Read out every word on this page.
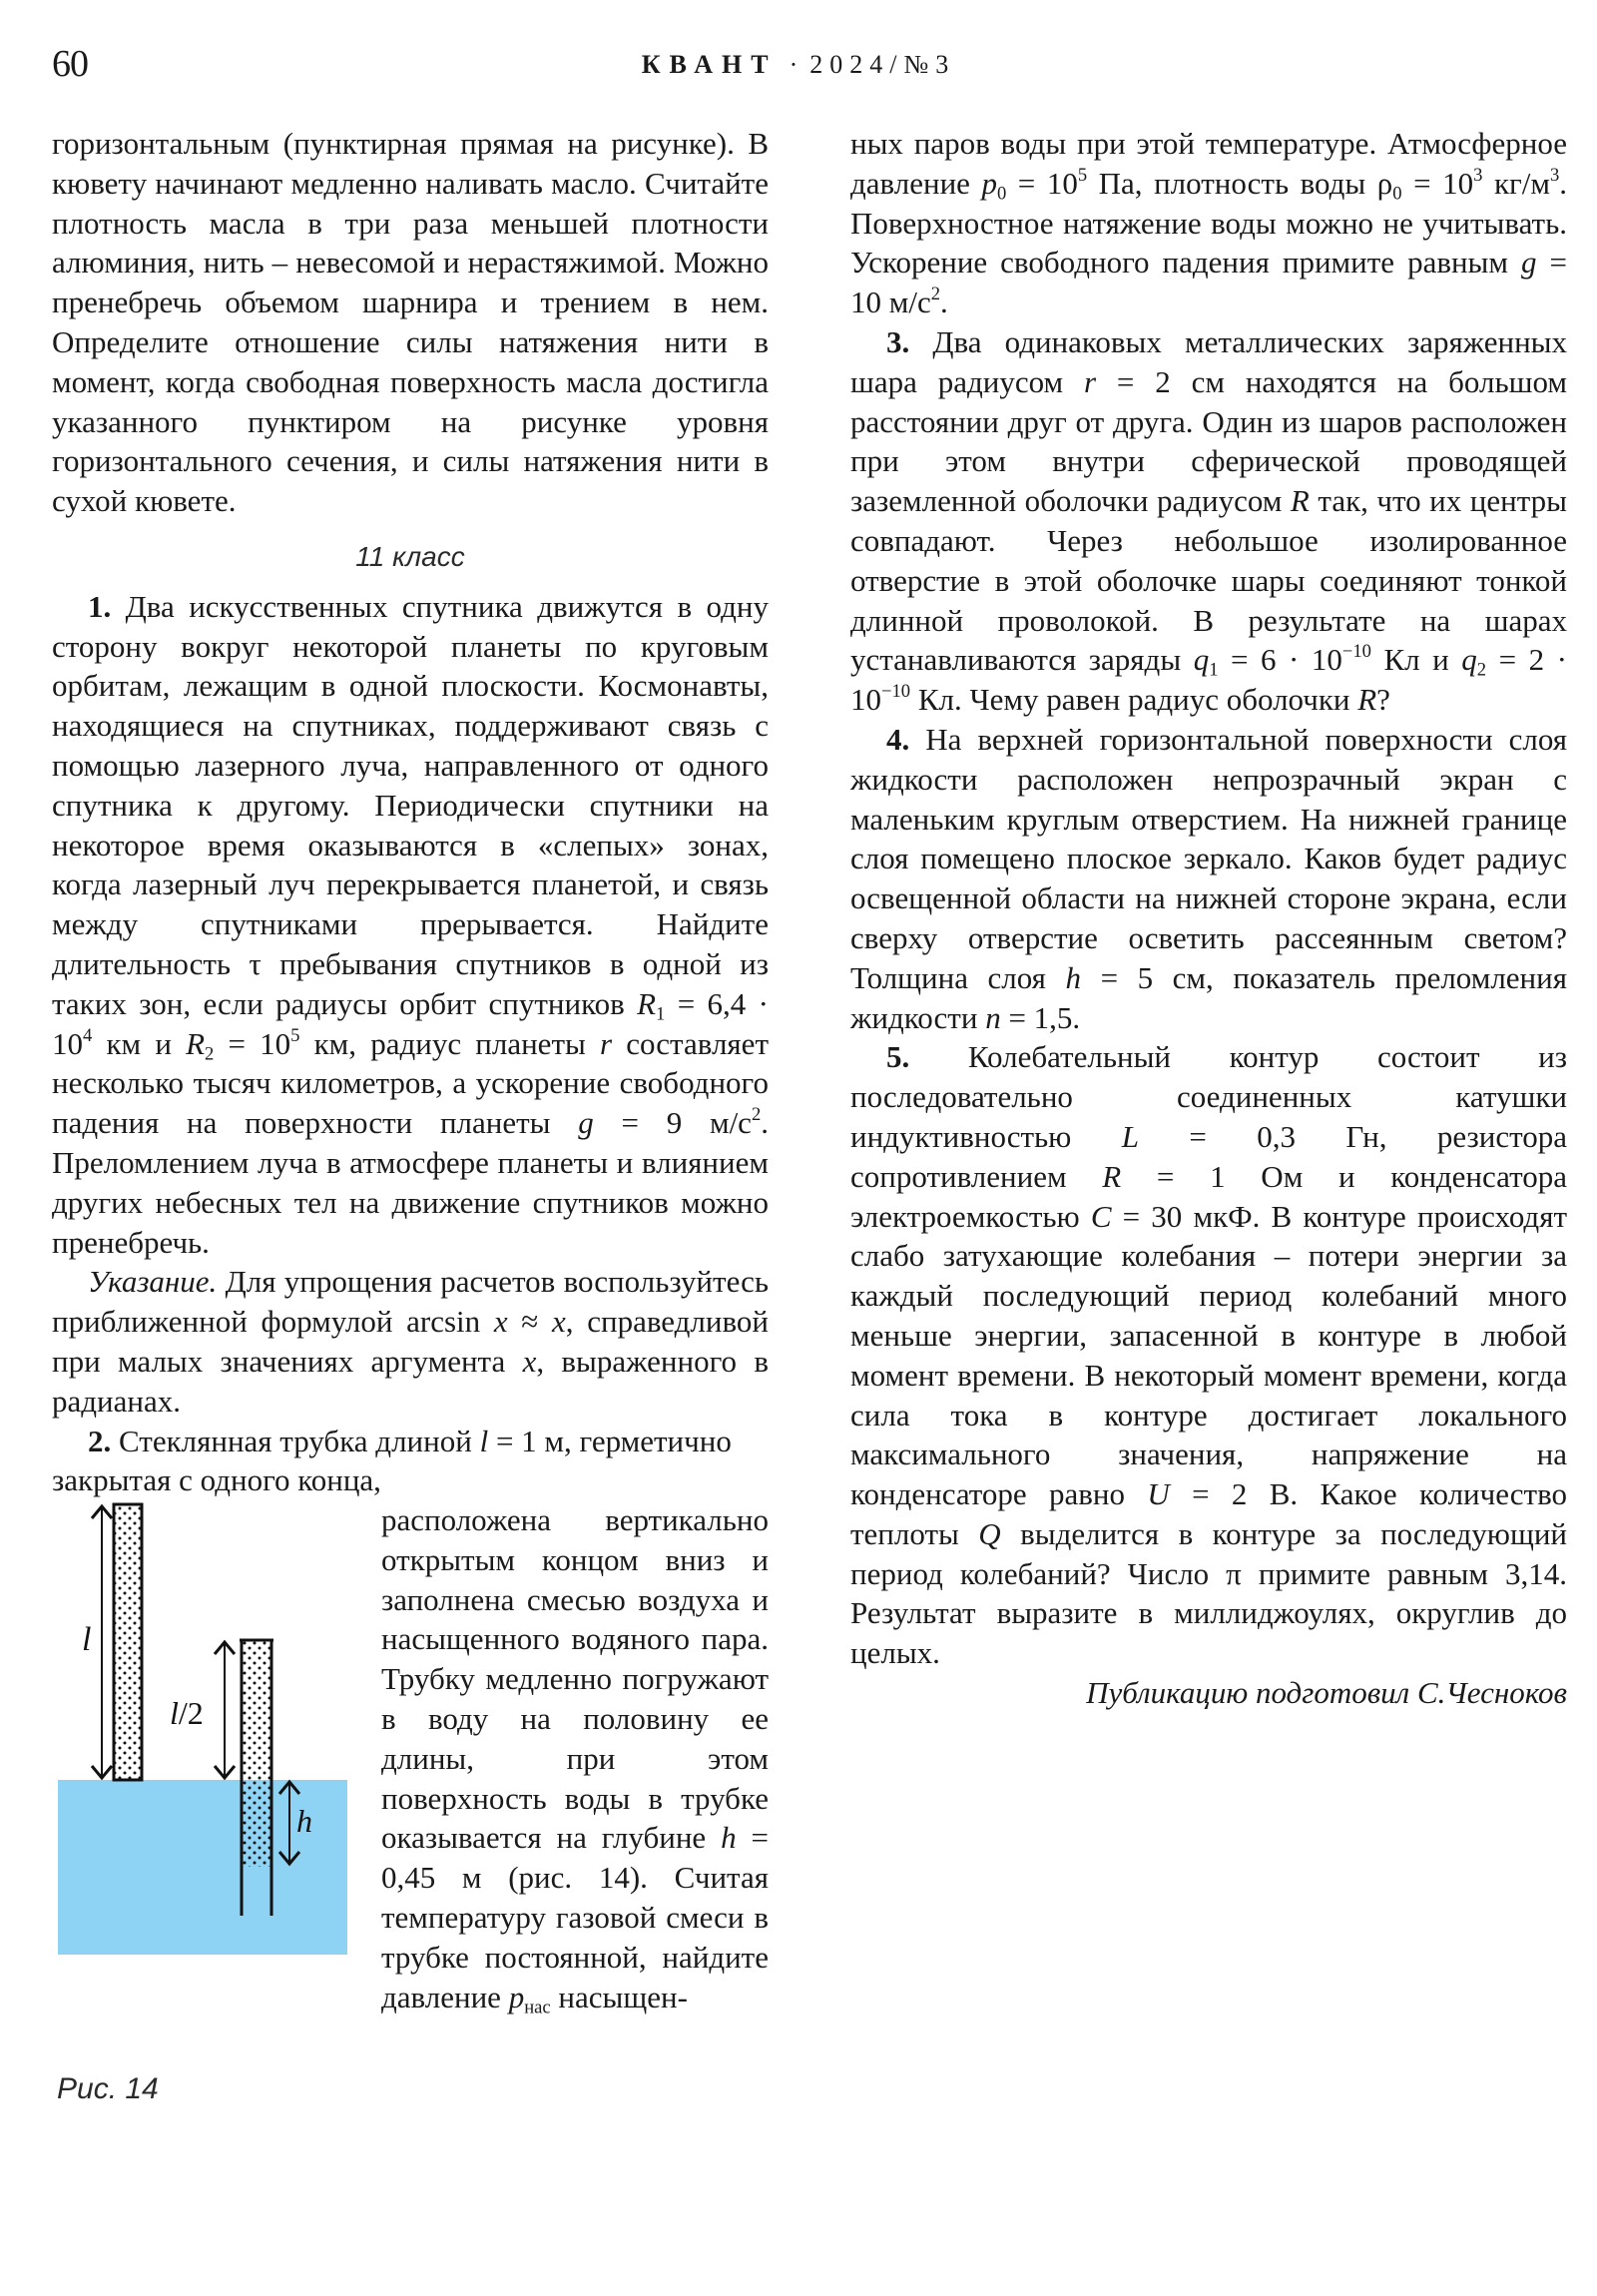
60	КВАНТ · 2024/№3

горизонтальным (пунктирная прямая на рисунке). В кювету начинают медленно наливать масло. Считайте плотность масла в три раза меньшей плотности алюминия, нить – невесомой и нерастяжимой. Можно пренебречь объемом шарнира и трением в нем. Определите отношение силы натяжения нити в момент, когда свободная поверхность масла достигла указанного пунктиром на рисунке уровня горизонтального сечения, и силы натяжения нити в сухой кювете.

11 класс

1. Два искусственных спутника движутся в одну сторону вокруг некоторой планеты по круговым орбитам, лежащим в одной плоскости. Космонавты, находящиеся на спутниках, поддерживают связь с помощью лазерного луча, направленного от одного спутника к другому. Периодически спутники на некоторое время оказываются в «слепых» зонах, когда лазерный луч перекрывается планетой, и связь между спутниками прерывается. Найдите длительность τ пребывания спутников в одной из таких зон, если радиусы орбит спутников $R_1 = 6,4 \cdot 10^4$ км и $R_2 = 10^5$ км, радиус планеты r составляет несколько тысяч километров, а ускорение свободного падения на поверхности планеты g = 9 $м/с^2$. Преломлением луча в атмосфере планеты и влиянием других небесных тел на движение спутников можно пренебречь.

Указание. Для упрощения расчетов воспользуйтесь приближенной формулой arcsin x ≈ x, справедливой при малых значениях аргумента x, выраженного в радианах.

2. Стеклянная трубка длиной l = 1 м, герметично закрытая с одного конца,

l
l/2
h
Рис. 14

расположена вертикально открытым концом вниз и заполнена смесью воздуха и насыщенного водяного пара. Трубку медленно погружают в воду на половину ее длины, при этом поверхность воды в трубке оказывается на глубине h = 0,45 м (рис. 14). Считая температуру газовой смеси в трубке постоянной, найдите давление $p_{нас}$ насыщен-

ных паров воды при этой температуре. Атмосферное давление $p_0 = 10^5$ Па, плотность воды $\rho_0 = 10^3$ $кг/м^3$. Поверхностное натяжение воды можно не учитывать. Ускорение свободного падения примите равным g = 10 $м/с^2$.

3. Два одинаковых металлических заряженных шара радиусом r = 2 см находятся на большом расстоянии друг от друга. Один из шаров расположен при этом внутри сферической проводящей заземленной оболочки радиусом R так, что их центры совпадают. Через небольшое изолированное отверстие в этой оболочке шары соединяют тонкой длинной проволокой. В результате на шарах устанавливаются заряды $q_1 = 6 \cdot 10^{-10}$ Кл и $q_2 = 2 \cdot 10^{-10}$ Кл. Чему равен радиус оболочки R?

4. На верхней горизонтальной поверхности слоя жидкости расположен непрозрачный экран с маленьким круглым отверстием. На нижней границе слоя помещено плоское зеркало. Каков будет радиус освещенной области на нижней стороне экрана, если сверху отверстие осветить рассеянным светом? Толщина слоя h = 5 см, показатель преломления жидкости n = 1,5.

5. Колебательный контур состоит из последовательно соединенных катушки индуктивностью L = 0,3 Гн, резистора сопротивлением R = 1 Ом и конденсатора электроемкостью C = 30 мкФ. В контуре происходят слабо затухающие колебания – потери энергии за каждый последующий период колебаний много меньше энергии, запасенной в контуре в любой момент времени. В некоторый момент времени, когда сила тока в контуре достигает локального максимального значения, напряжение на конденсаторе равно U = 2 В. Какое количество теплоты Q выделится в контуре за последующий период колебаний? Число π примите равным 3,14. Результат выразите в миллиджоулях, округлив до целых.

Публикацию подготовил С.Чесноков
